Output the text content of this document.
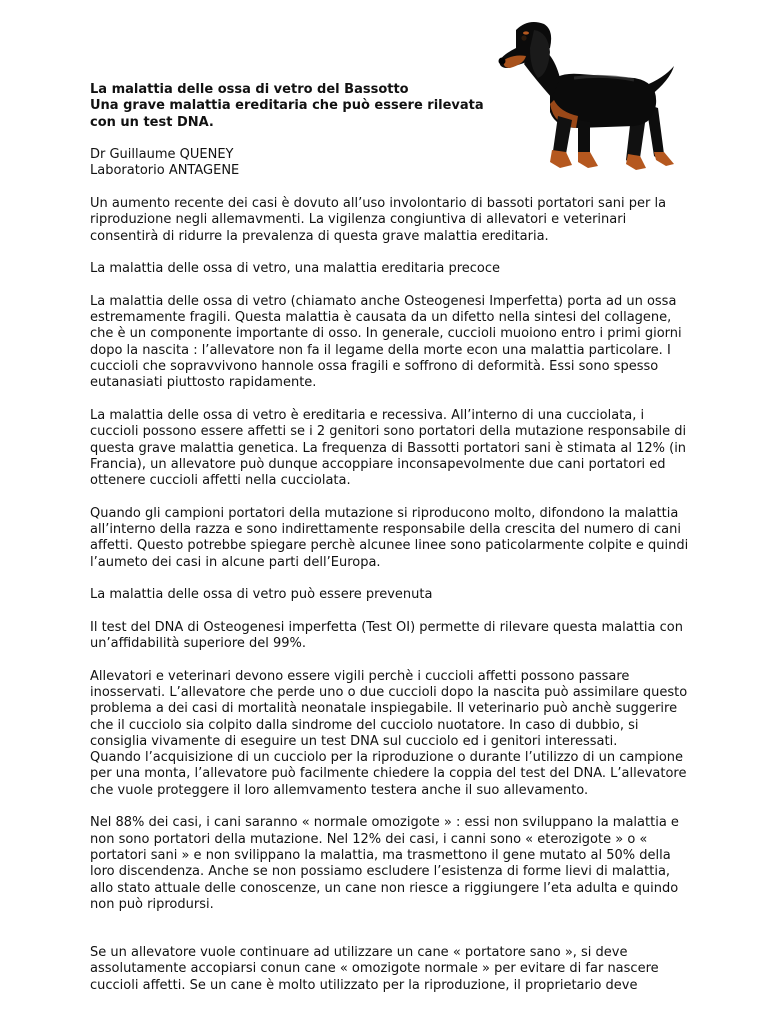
La malattia delle ossa di vetro del Bassotto
Una grave malattia ereditaria che può essere rilevata
con un test DNA.

Dr Guillaume QUENEY
Laboratorio ANTAGENE

Un aumento recente dei casi è dovuto all’uso involontario di bassoti portatori sani per la riproduzione negli allemavmenti. La vigilenza congiuntiva di allevatori e veterinari consentirà di ridurre la prevalenza di questa grave malattia ereditaria.

La malattia delle ossa di vetro, una malattia ereditaria precoce

La malattia delle ossa di vetro (chiamato anche Osteogenesi Imperfetta) porta ad un ossa estremamente fragili. Questa malattia è causata da un difetto nella sintesi del collagene, che è un componente importante di osso. In generale, cuccioli muoiono entro i primi giorni dopo la nascita : l’allevatore non fa il legame della morte econ una malattia particolare. I cuccioli che sopravvivono hannole ossa fragili e soffrono di deformità. Essi sono spesso eutanasiati piuttosto rapidamente.

La malattia delle ossa di vetro è ereditaria e recessiva. All’interno di una cucciolata, i cuccioli possono essere affetti se i 2 genitori sono portatori della mutazione responsabile di questa grave malattia genetica. La frequenza di Bassotti portatori sani è stimata al 12% (in Francia), un allevatore può dunque accoppiare inconsapevolmente due cani portatori ed ottenere cuccioli affetti nella cucciolata.

Quando gli campioni portatori della mutazione si riproducono molto, difondono la malattia all’interno della razza e sono indirettamente responsabile della crescita del numero di cani affetti. Questo potrebbe spiegare perchè alcunee linee sono paticolarmente colpite e quindi l’aumeto dei casi in alcune parti dell’Europa.

La malattia delle ossa di vetro può essere prevenuta

Il test del DNA di Osteogenesi imperfetta (Test OI) permette di rilevare questa malattia con un’affidabilità superiore del 99%.

Allevatori e veterinari devono essere vigili perchè i cuccioli affetti possono passare inosservati. L’allevatore che perde uno o due cuccioli dopo la nascita può assimilare questo problema a dei casi di mortalità neonatale inspiegabile. Il veterinario può anchè suggerire che il cucciolo sia colpito dalla sindrome del cucciolo nuotatore. In caso di dubbio, si consiglia vivamente di eseguire un test DNA sul cucciolo ed i genitori interessati.

Quando l’acquisizione di un cucciolo per la riproduzione o durante l’utilizzo di un campione per una monta, l’allevatore può facilmente chiedere la coppia del test del DNA. L’allevatore che vuole proteggere il loro allemvamento testera anche il suo allevamento.

Nel 88% dei casi, i cani saranno « normale omozigote » : essi non sviluppano la malattia e non sono portatori della mutazione. Nel 12% dei casi, i canni sono « eterozigote » o « portatori sani » e non svilippano la malattia, ma trasmettono il gene mutato al 50% della loro discendenza. Anche se non possiamo escludere l’esistenza di forme lievi di malattia, allo stato attuale delle conoscenze, un cane non riesce a riggiungere l’eta adulta e quindo non può riprodursi.

Se un allevatore vuole continuare ad utilizzare un cane « portatore sano », si deve assolutamente accopiarsi conun cane « omozigote normale » per evitare di far nascere cuccioli affetti. Se un cane è molto utilizzato per la riproduzione, il proprietario deve
